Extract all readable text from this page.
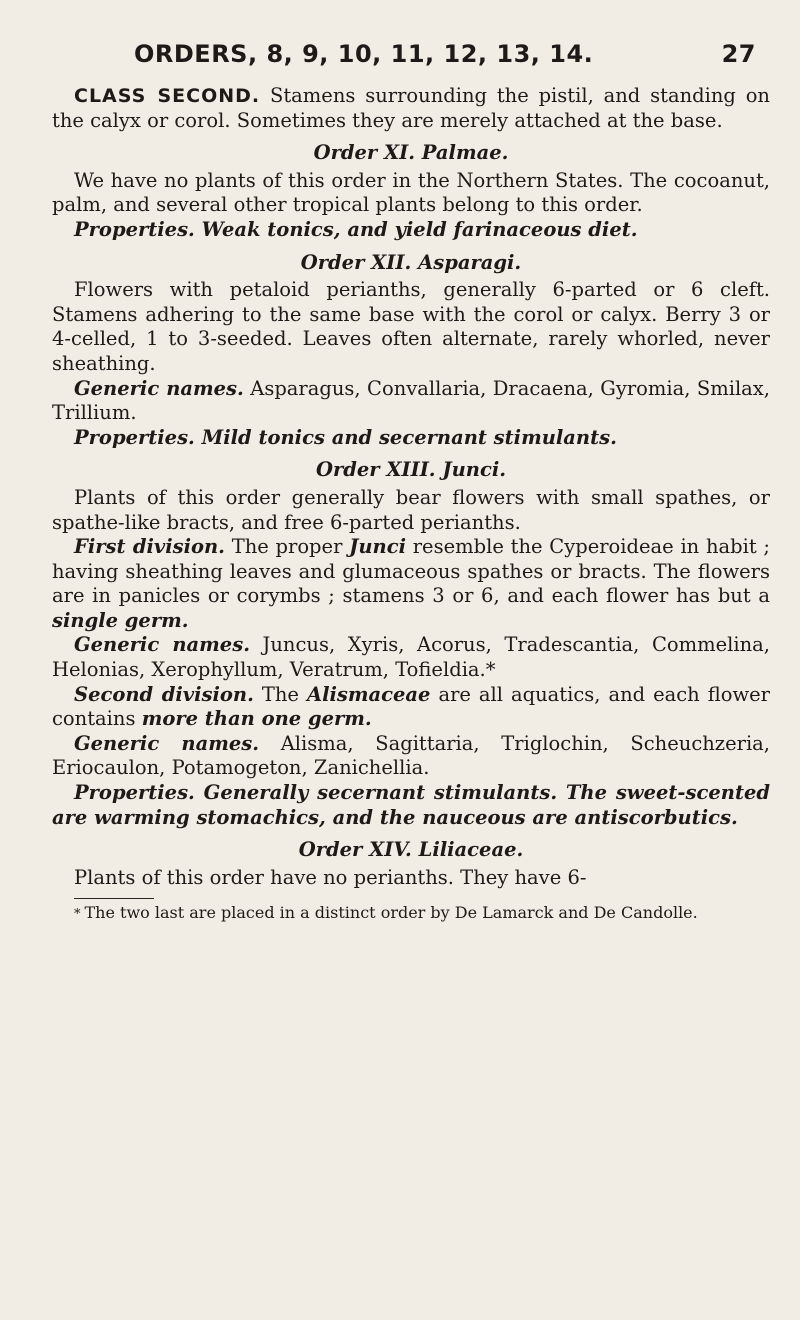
ORDERS, 8, 9, 10, 11, 12, 13, 14.	27

CLASS SECOND. Stamens surrounding the pistil, and standing on the calyx or corol. Sometimes they are merely attached at the base.

Order XI. Palmae.

We have no plants of this order in the Northern States. The cocoanut, palm, and several other tropical plants belong to this order.

Properties. Weak tonics, and yield farinaceous diet.

Order XII. Asparagi.

Flowers with petaloid perianths, generally 6-parted or 6 cleft. Stamens adhering to the same base with the corol or calyx. Berry 3 or 4-celled, 1 to 3-seeded. Leaves often alternate, rarely whorled, never sheathing.

Generic names. Asparagus, Convallaria, Dracaena, Gyromia, Smilax, Trillium.

Properties. Mild tonics and secernant stimulants.

Order XIII. Junci.

Plants of this order generally bear flowers with small spathes, or spathe-like bracts, and free 6-parted perianths.

First division. The proper Junci resemble the Cyperoideae in habit ; having sheathing leaves and glumaceous spathes or bracts. The flowers are in panicles or corymbs ; stamens 3 or 6, and each flower has but a single germ.

Generic names. Juncus, Xyris, Acorus, Tradescantia, Commelina, Helonias, Xerophyllum, Veratrum, Tofieldia.*

Second division. The Alismaceae are all aquatics, and each flower contains more than one germ.

Generic names. Alisma, Sagittaria, Triglochin, Scheuchzeria, Eriocaulon, Potamogeton, Zanichellia.

Properties. Generally secernant stimulants. The sweet-scented are warming stomachics, and the nauceous are antiscorbutics.

Order XIV. Liliaceae.

Plants of this order have no perianths. They have 6-

* The two last are placed in a distinct order by De Lamarck and De Candolle.
